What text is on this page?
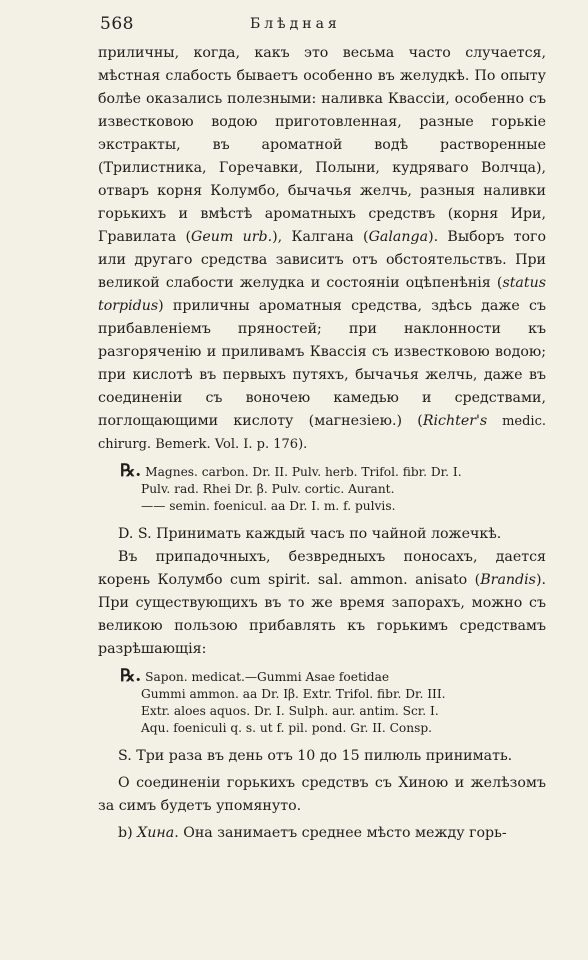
568	Блѣдная

приличны, когда, какъ это весьма часто случается, мѣстная слабость бываетъ особенно въ желудкѣ. По опыту болѣе оказались полезными: наливка Квассіи, особенно съ известковою водою приготовленная, разные горькіе экстракты, въ ароматной водѣ растворенные (Трилистника, Горечавки, Полыни, кудряваго Волчца), отваръ корня Колумбо, бычачья желчь, разныя наливки горькихъ и вмѣстѣ ароматныхъ средствъ (корня Ири, Гравилата (Geum urb.), Калгана (Galanga). Выборъ того или другаго средства зависитъ отъ обстоятельствъ. При великой слабости желудка и состояніи оцѣпенѣнія (status torpidus) приличны ароматныя средства, здѣсь даже съ прибавленіемъ пряностей; при наклонности къ разгоряченію и приливамъ Квассія съ известковою водою; при кислотѣ въ первыхъ путяхъ, бычачья желчь, даже въ соединеніи съ воночею камедью и средствами, поглощающими кислоту (магнезіею.) (Richter's medic. chirurg. Bemerk. Vol. I. p. 176).

℞. Magnes. carbon. Dr. II. Pulv. herb. Trifol. fibr. Dr. I.
Pulv. rad. Rhei Dr. β. Pulv. cortic. Aurant.
—— semin. foenicul. aa Dr. I. m. f. pulvis.

D. S. Принимать каждый часъ по чайной ложечкѣ.

Въ припадочныхъ, безвредныхъ поносахъ, дается корень Колумбо cum spirit. sal. ammon. anisato (Brandis). При существующихъ въ то же время запорахъ, можно съ великою пользою прибавлять къ горькимъ средствамъ разрѣшающія:

℞. Sapon. medicat.—Gummi Asae foetidae
Gummi ammon. aa Dr. Iβ. Extr. Trifol. fibr. Dr. III.
Extr. aloes aquos. Dr. I. Sulph. aur. antim. Scr. I.
Aqu. foeniculi q. s. ut f. pil. pond. Gr. II. Consp.

S. Три раза въ день отъ 10 до 15 пилюль принимать.

О соединеніи горькихъ средствъ съ Хиною и желѣзомъ за симъ будетъ упомянуто.

b) Хина. Она занимаетъ среднее мѣсто между горь-
